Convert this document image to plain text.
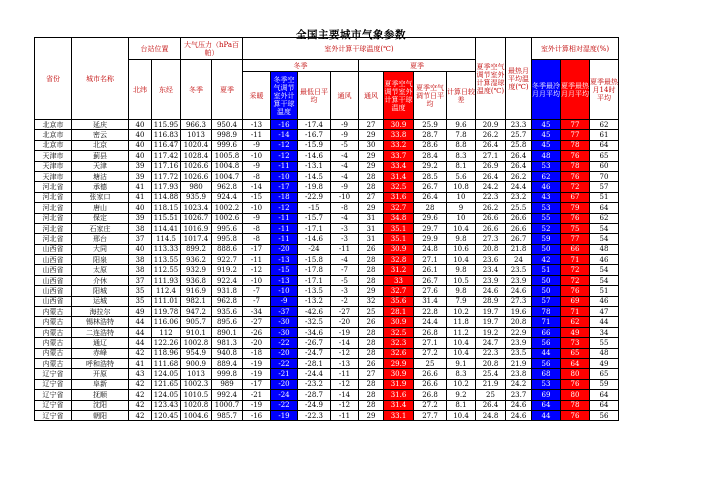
全国主要城市气象参数
省份	城市名称	台站位置		大气压力（hPa百帕）		室外计算干球温度(℃)								夏季空气调节室外计算湿球温度(℃)	最热月平均温度(℃)	室外计算相对湿度(%)		
		北纬	东经	冬季	夏季	冬季				夏季						冬季最冷月月平均	夏季最热月月平均	夏季最热月14时平均
						采暖	冬季空气调节室外计算干球温度	最低日平均	通风	通风	夏季空气调节室外计算干球温度	夏季空气调节日平均	计算日较差					
北京市	延庆	40	115.95	966.3	950.4	-13	-16	-17.4	-9	27	30.9	25.9	9.6	20.9	23.3	45	77	62
北京市	密云	40	116.83	1013	998.9	-11	-14	-16.7	-9	29	33.8	28.7	7.8	26.2	25.7	45	77	61
北京市	北京	40	116.47	1020.4	999.6	-9	-12	-15.9	-5	30	33.2	28.6	8.8	26.4	25.8	45	78	64
天津市	蓟县	40	117.42	1028.4	1005.8	-10	-12	-14.6	-4	29	33.7	28.4	8.3	27.1	26.4	48	76	65
天津市	天津	39	117.16	1026.6	1004.8	-9	-11	-13.1	-4	29	33.4	29.2	8.1	26.9	26.4	53	78	60
天津市	塘沽	39	117.72	1026.6	1004.7	-8	-10	-14.5	-4	28	31.4	28.5	5.6	26.4	26.2	62	76	70
河北省	承德	41	117.93	980	962.8	-14	-17	-19.8	-9	28	32.5	26.7	10.8	24.2	24.4	46	72	57
河北省	张家口	41	114.88	935.9	924.4	-15	-18	-22.9	-10	27	31.6	26.4	10	22.3	23.2	43	67	51
河北省	唐山	40	118.15	1023.4	1002.2	-10	-12	-15	-8	29	32.7	28	9	26.2	25.5	53	79	64
河北省	保定	39	115.51	1026.7	1002.6	-9	-11	-15.7	-4	31	34.8	29.6	10	26.6	26.6	55	76	62
河北省	石家庄	38	114.41	1016.9	995.6	-8	-11	-17.1	-3	31	35.1	29.7	10.4	26.6	26.6	52	75	54
河北省	邢台	37	114.5	1017.4	995.8	-8	-11	-14.6	-3	31	35.1	29.9	9.8	27.3	26.7	59	77	54
山西省	大同	40	113.33	899.2	888.6	-17	-20	-24	-11	26	30.9	24.8	10.6	20.8	21.8	50	66	48
山西省	阳泉	38	113.55	936.2	922.7	-11	-13	-15.8	-4	28	32.8	27.1	10.4	23.6	24	42	71	46
山西省	太原	38	112.55	932.9	919.2	-12	-15	-17.8	-7	28	31.2	26.1	9.8	23.4	23.5	51	72	54
山西省	介休	37	111.93	936.8	922.4	-10	-13	-17.1	-5	28	33	26.7	10.5	23.9	23.9	50	72	54
山西省	阳城	35	112.4	916.9	931.8	-7	-10	-13.5	-3	29	32.7	27.6	9.8	24.6	24.6	50	76	51
山西省	运城	35	111.01	982.1	962.8	-7	-9	-13.2	-2	32	35.6	31.4	7.9	28.9	27.3	57	69	46
内蒙古	海拉尔	49	119.78	947.2	935.6	-34	-37	-42.6	-27	25	28.1	22.8	10.2	19.7	19.6	78	71	47
内蒙古	锡林浩特	44	116.06	905.7	895.6	-27	-30	-32.5	-20	26	30.9	24.4	11.8	19.7	20.8	71	62	44
内蒙古	二连浩特	44	112	910.1	890.1	-26	-30	-34.6	-19	28	32.5	26.8	11.2	19.2	22.9	66	49	34
内蒙古	通辽	44	122.26	1002.8	981.3	-20	-22	-26.7	-14	28	32.3	27.1	10.4	24.7	23.9	56	73	55
内蒙古	赤峰	42	118.96	954.9	940.8	-18	-20	-24.7	-12	28	32.6	27.2	10.4	22.3	23.5	44	65	48
内蒙古	呼和浩特	41	111.68	900.9	889.4	-19	-22	-28.1	-13	26	29.9	25	9.1	20.8	21.9	56	64	49
辽宁省	开原	43	124.05	1013	999.8	-19	-21	-24.4	-11	27	30.9	26.6	8.3	25.4	23.8	68	80	65
辽宁省	阜新	42	121.65	1002.3	989	-17	-20	-23.2	-12	28	31.9	26.6	10.2	21.9	24.2	53	76	59
辽宁省	抚顺	42	124.05	1010.5	992.4	-21	-24	-28.7	-14	28	31.6	26.8	9.2	25	23.7	69	80	64
辽宁省	沈阳	42	123.43	1020.8	1000.7	-19	-22	-24.9	-12	28	31.4	27.2	8.1	26.4	24.6	64	78	64
辽宁省	朝阳	42	120.45	1004.6	985.7	-16	-19	-22.3	-11	29	33.1	27.7	10.4	24.8	24.6	44	76	56
